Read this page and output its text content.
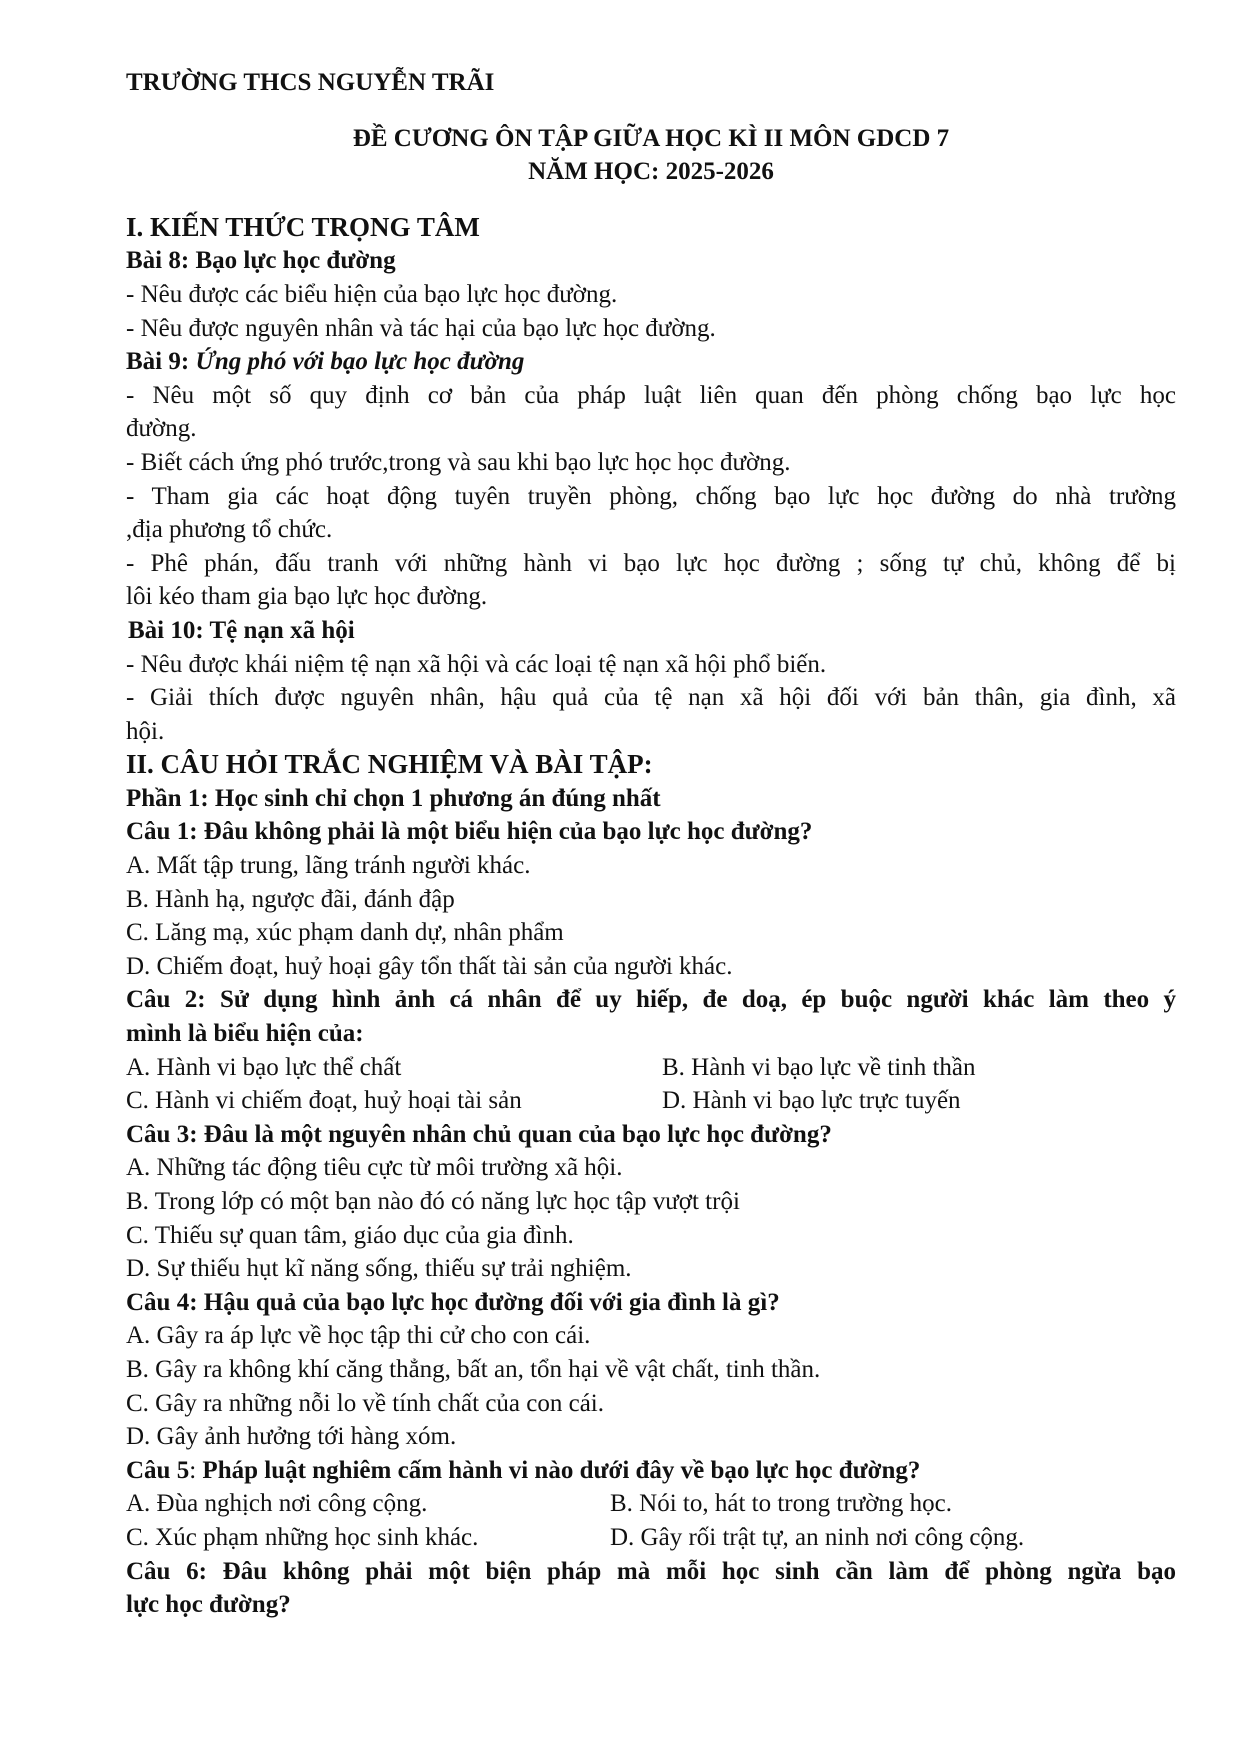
TRƯỜNG THCS NGUYỄN TRÃI
ĐỀ CƯƠNG ÔN TẬP GIỮA HỌC KÌ II MÔN GDCD 7
NĂM HỌC: 2025-2026
I. KIẾN THỨC TRỌNG TÂM
Bài 8: Bạo lực học đường
- Nêu được các biểu hiện của bạo lực học đường.
- Nêu được nguyên nhân và tác hại của bạo lực học đường.
Bài 9: Ứng phó với bạo lực học đường
- Nêu một số quy định cơ bản của pháp luật liên quan đến phòng chống bạo lực học
đường.
- Biết cách ứng phó trước,trong và sau khi bạo lực học học đường.
- Tham gia các hoạt động tuyên truyền phòng, chống bạo lực học đường do nhà trường
,địa phương tổ chức.
- Phê phán, đấu tranh với những hành vi bạo lực học đường ; sống tự chủ, không để bị
lôi kéo tham gia bạo lực học đường.
Bài 10: Tệ nạn xã hội
- Nêu được khái niệm tệ nạn xã hội và các loại tệ nạn xã hội phổ biến.
- Giải thích được nguyên nhân, hậu quả của tệ nạn xã hội đối với bản thân, gia đình, xã
hội.
II. CÂU HỎI TRẮC NGHIỆM VÀ BÀI TẬP:
Phần 1: Học sinh chỉ chọn 1 phương án đúng nhất
Câu 1: Đâu không phải là một biểu hiện của bạo lực học đường?
A. Mất tập trung, lãng tránh người khác.
B. Hành hạ, ngược đãi, đánh đập
C. Lăng mạ, xúc phạm danh dự, nhân phẩm
D. Chiếm đoạt, huỷ hoại gây tổn thất tài sản của người khác.
Câu 2: Sử dụng hình ảnh cá nhân để uy hiếp, đe doạ, ép buộc người khác làm theo ý
mình là biểu hiện của:
A. Hành vi bạo lực thể chất	B. Hành vi bạo lực về tinh thần
C. Hành vi chiếm đoạt, huỷ hoại tài sản	D. Hành vi bạo lực trực tuyến
Câu 3: Đâu là một nguyên nhân chủ quan của bạo lực học đường?
A. Những tác động tiêu cực từ môi trường xã hội.
B. Trong lớp có một bạn nào đó có năng lực học tập vượt trội
C. Thiếu sự quan tâm, giáo dục của gia đình.
D. Sự thiếu hụt kĩ năng sống, thiếu sự trải nghiệm.
Câu 4: Hậu quả của bạo lực học đường đối với gia đình là gì?
A. Gây ra áp lực về học tập thi cử cho con cái.
B. Gây ra không khí căng thẳng, bất an, tổn hại về vật chất, tinh thần.
C. Gây ra những nỗi lo về tính chất của con cái.
D. Gây ảnh hưởng tới hàng xóm.
Câu 5: Pháp luật nghiêm cấm hành vi nào dưới đây về bạo lực học đường?
A. Đùa nghịch nơi công cộng.	B. Nói to, hát to trong trường học.
C. Xúc phạm những học sinh khác.	D. Gây rối trật tự, an ninh nơi công cộng.
Câu 6: Đâu không phải một biện pháp mà mỗi học sinh cần làm để phòng ngừa bạo
lực học đường?
